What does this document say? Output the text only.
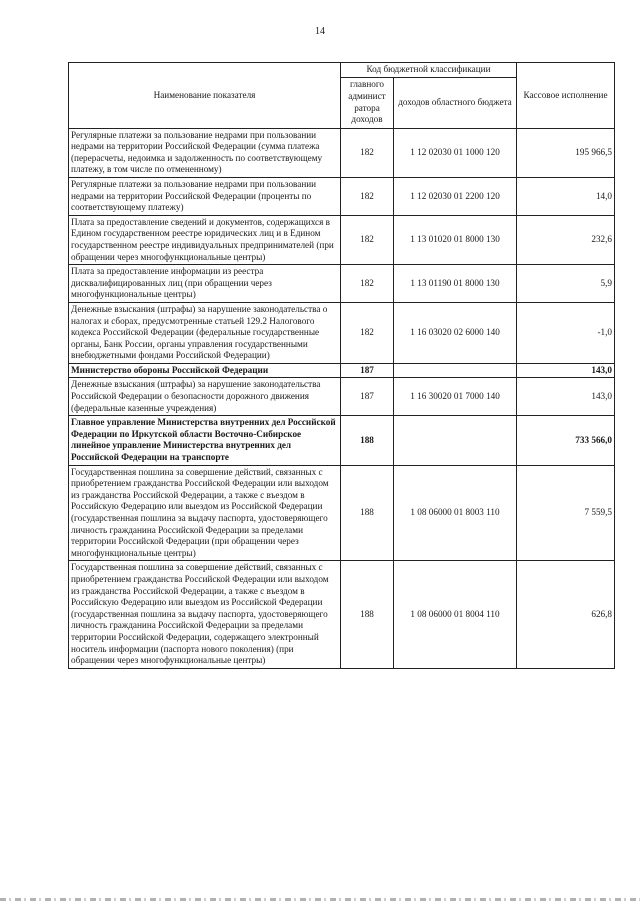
14
Наименование показателя	Код бюджетной классификации		Кассовое исполнение
	главного админист ратора доходов	доходов областного бюджета	
Регулярные платежи за пользование недрами при пользовании недрами на территории Российской Федерации (сумма платежа (перерасчеты, недоимка и задолженность по соответствующему платежу, в том числе по отмененному)	182	1 12 02030 01 1000 120	195 966,5
Регулярные платежи за пользование недрами при пользовании недрами на территории Российской Федерации (проценты по соответствующему платежу)	182	1 12 02030 01 2200 120	14,0
Плата за предоставление сведений и документов, содержащихся в Едином государственном реестре юридических лиц и в Едином государственном реестре индивидуальных предпринимателей (при обращении через многофункциональные центры)	182	1 13 01020 01 8000 130	232,6
Плата за предоставление информации из реестра дисквалифицированных лиц (при обращении через многофункциональные центры)	182	1 13 01190 01 8000 130	5,9
Денежные взыскания (штрафы) за нарушение законодательства о налогах и сборах, предусмотренные статьей 129.2 Налогового кодекса Российской Федерации (федеральные государственные органы, Банк России, органы управления государственными внебюджетными фондами Российской Федерации)	182	1 16 03020 02 6000 140	-1,0
Министерство обороны Российской Федерации	187		143,0
Денежные взыскания (штрафы) за нарушение законодательства Российской Федерации о безопасности дорожного движения (федеральные казенные учреждения)	187	1 16 30020 01 7000 140	143,0
Главное управление Министерства внутренних дел Российской Федерации по Иркутской области Восточно-Сибирское линейное управление Министерства внутренних дел Российской Федерации на транспорте	188		733 566,0
Государственная пошлина за совершение действий, связанных с приобретением гражданства Российской Федерации или выходом из гражданства Российской Федерации, а также с въездом в Российскую Федерацию или выездом из Российской Федерации (государственная пошлина за выдачу паспорта, удостоверяющего личность гражданина Российской Федерации за пределами территории Российской Федерации (при обращении через многофункциональные центры)	188	1 08 06000 01 8003 110	7 559,5
Государственная пошлина за совершение действий, связанных с приобретением гражданства Российской Федерации или выходом из гражданства Российской Федерации, а также с въездом в Российскую Федерацию или выездом из Российской Федерации (государственная пошлина за выдачу паспорта, удостоверяющего личность гражданина Российской Федерации за пределами территории Российской Федерации, содержащего электронный носитель информации (паспорта нового поколения) (при обращении через многофункциональные центры)	188	1 08 06000 01 8004 110	626,8
